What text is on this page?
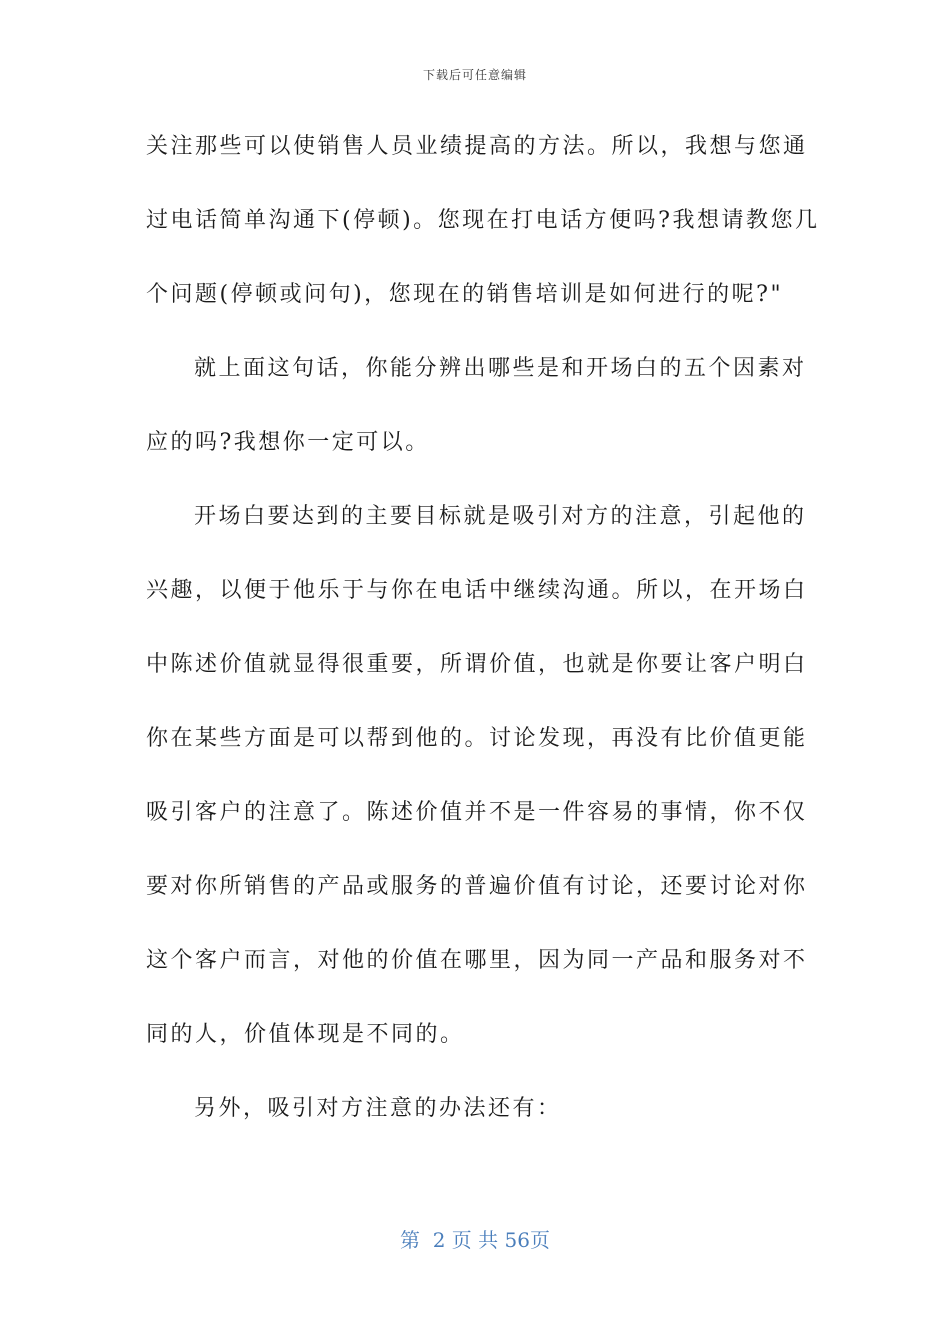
下载后可任意编辑
关注那些可以使销售人员业绩提高的方法。所以，我想与您通
过电话简单沟通下(停顿)。您现在打电话方便吗?我想请教您几
个问题(停顿或问句)，您现在的销售培训是如何进行的呢?"
就上面这句话，你能分辨出哪些是和开场白的五个因素对
应的吗?我想你一定可以。
开场白要达到的主要目标就是吸引对方的注意，引起他的
兴趣，以便于他乐于与你在电话中继续沟通。所以，在开场白
中陈述价值就显得很重要，所谓价值，也就是你要让客户明白
你在某些方面是可以帮到他的。讨论发现，再没有比价值更能
吸引客户的注意了。陈述价值并不是一件容易的事情，你不仅
要对你所销售的产品或服务的普遍价值有讨论，还要讨论对你
这个客户而言，对他的价值在哪里，因为同一产品和服务对不
同的人，价值体现是不同的。
另外，吸引对方注意的办法还有：
第  2 页 共 56页
